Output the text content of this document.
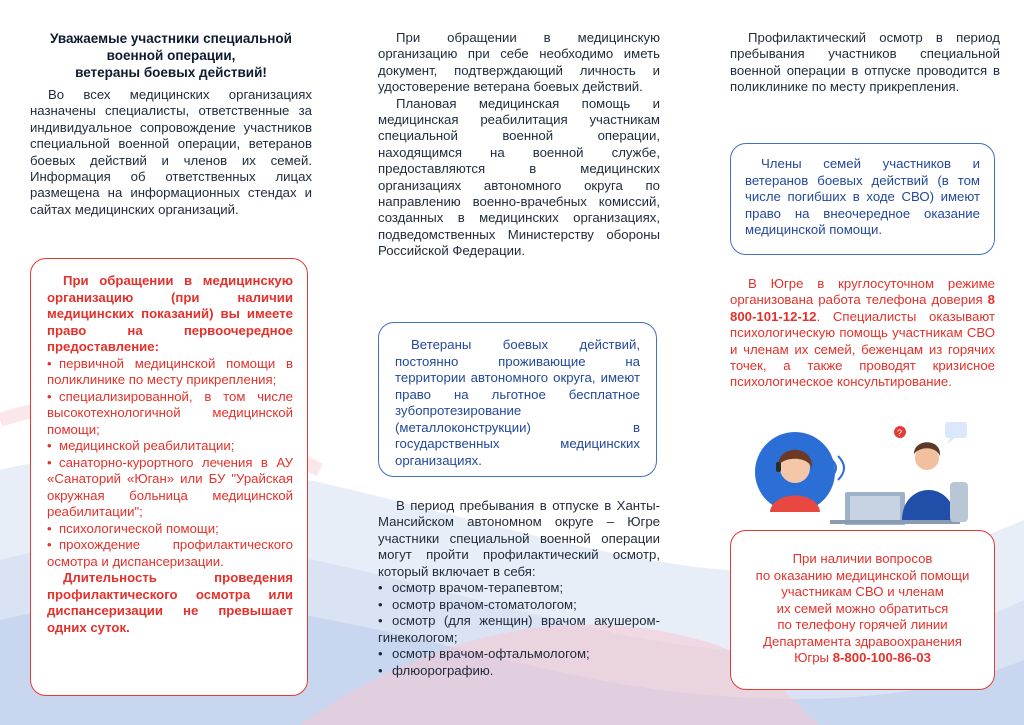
Уважаемые участники специальной
военной операции,
ветераны боевых действий!

Во всех медицинских организациях назначены специалисты, ответственные за индивидуальное сопровождение участников специальной военной операции, ветеранов боевых действий и членов их семей. Информация об ответственных лицах размещена на информационных стендах и сайтах медицинских организаций.

При обращении в медицинскую организацию (при наличии медицинских показаний) вы имеете право на первоочередное предоставление:

• первичной медицинской помощи в поликлинике по месту прикрепления;
• специализированной, в том числе высокотехнологичной медицинской помощи;
• медицинской реабилитации;
• санаторно-курортного лечения в АУ «Санаторий «Юган» или БУ "Урайская окружная больница медицинской реабилитации";
• психологической помощи;
• прохождение профилактического осмотра и диспансеризации.

Длительность проведения профилактического осмотра или диспансеризации не превышает одних суток.

При обращении в медицинскую организацию при себе необходимо иметь документ, подтверждающий личность и удостоверение ветерана боевых действий.

Плановая медицинская помощь и медицинская реабилитация участникам специальной военной операции, находящимся на военной службе, предоставляются в медицинских организациях автономного округа по направлению военно-врачебных комиссий, созданных в медицинских организациях, подведомственных Министерству обороны Российской Федерации.

Ветераны боевых действий, постоянно проживающие на территории автономного округа, имеют право на льготное бесплатное зубопротезирование (металлоконструкции) в государственных медицинских организациях.

В период пребывания в отпуске в Ханты-Мансийском автономном округе – Югре участники специальной военной операции могут пройти профилактический осмотр, который включает в себя:

• осмотр врачом-терапевтом;
• осмотр врачом-стоматологом;
• осмотр (для женщин) врачом акушером-гинекологом;
• осмотр врачом-офтальмологом;
• флюорографию.

Профилактический осмотр в период пребывания участников специальной военной операции в отпуске проводится в поликлинике по месту прикрепления.

Члены семей участников и ветеранов боевых действий (в том числе погибших в ходе СВО) имеют право на внеочередное оказание медицинской помощи.

В Югре в круглосуточном режиме организована работа телефона доверия 8 800-101-12-12. Специалисты оказывают психологическую помощь участникам СВО и членам их семей, беженцам из горячих точек, а также проводят кризисное психологическое консультирование.

?

При наличии вопросов

по оказанию медицинской помощи

участникам СВО и членам

их семей можно обратиться

по телефону горячей линии

Департамента здравоохранения

Югры 8-800-100-86-03
